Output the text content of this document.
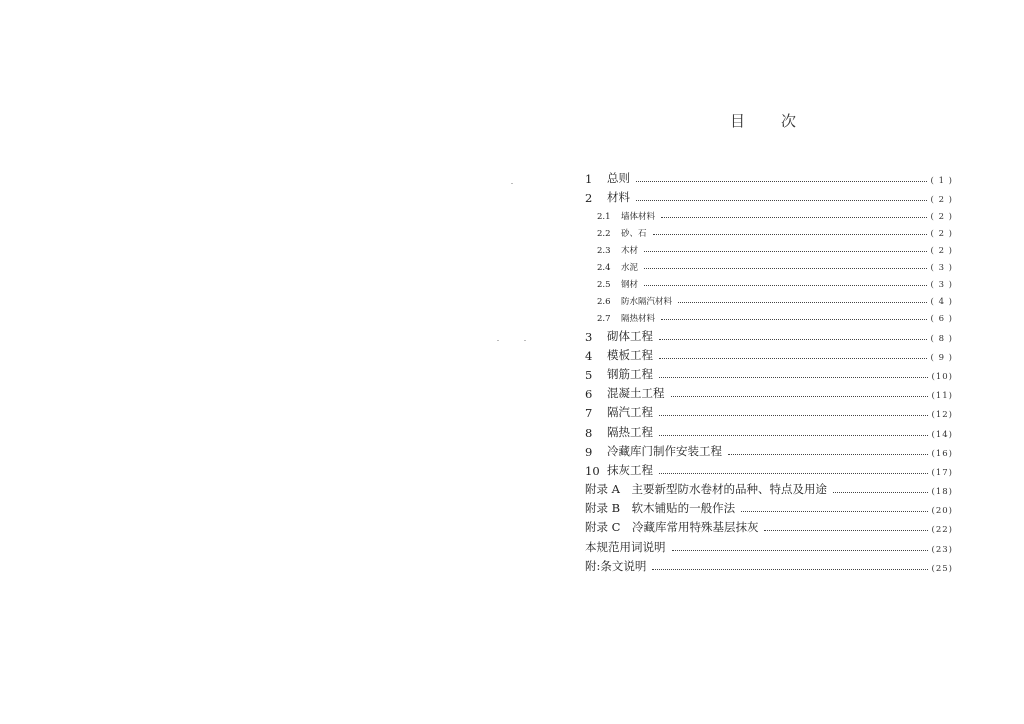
目 次
1	总则	( 1 )
2	材料	( 2 )
2.1	墙体材料	( 2 )
2.2	砂、石	( 2 )
2.3	木材	( 2 )
2.4	水泥	( 3 )
2.5	钢材	( 3 )
2.6	防水隔汽材料	( 4 )
2.7	隔热材料	( 6 )
3	砌体工程	( 8 )
4	模板工程	( 9 )
5	钢筋工程	(10)
6	混凝土工程	(11)
7	隔汽工程	(12)
8	隔热工程	(14)
9	冷藏库门制作安装工程	(16)
10 抹灰工程	(17)
附录 A　主要新型防水卷材的品种、特点及用途	(18)
附录 B　软木铺贴的一般作法	(20)
附录 C　冷藏库常用特殊基层抹灰	(22)
本规范用词说明	(23)
附:条文说明	(25)
